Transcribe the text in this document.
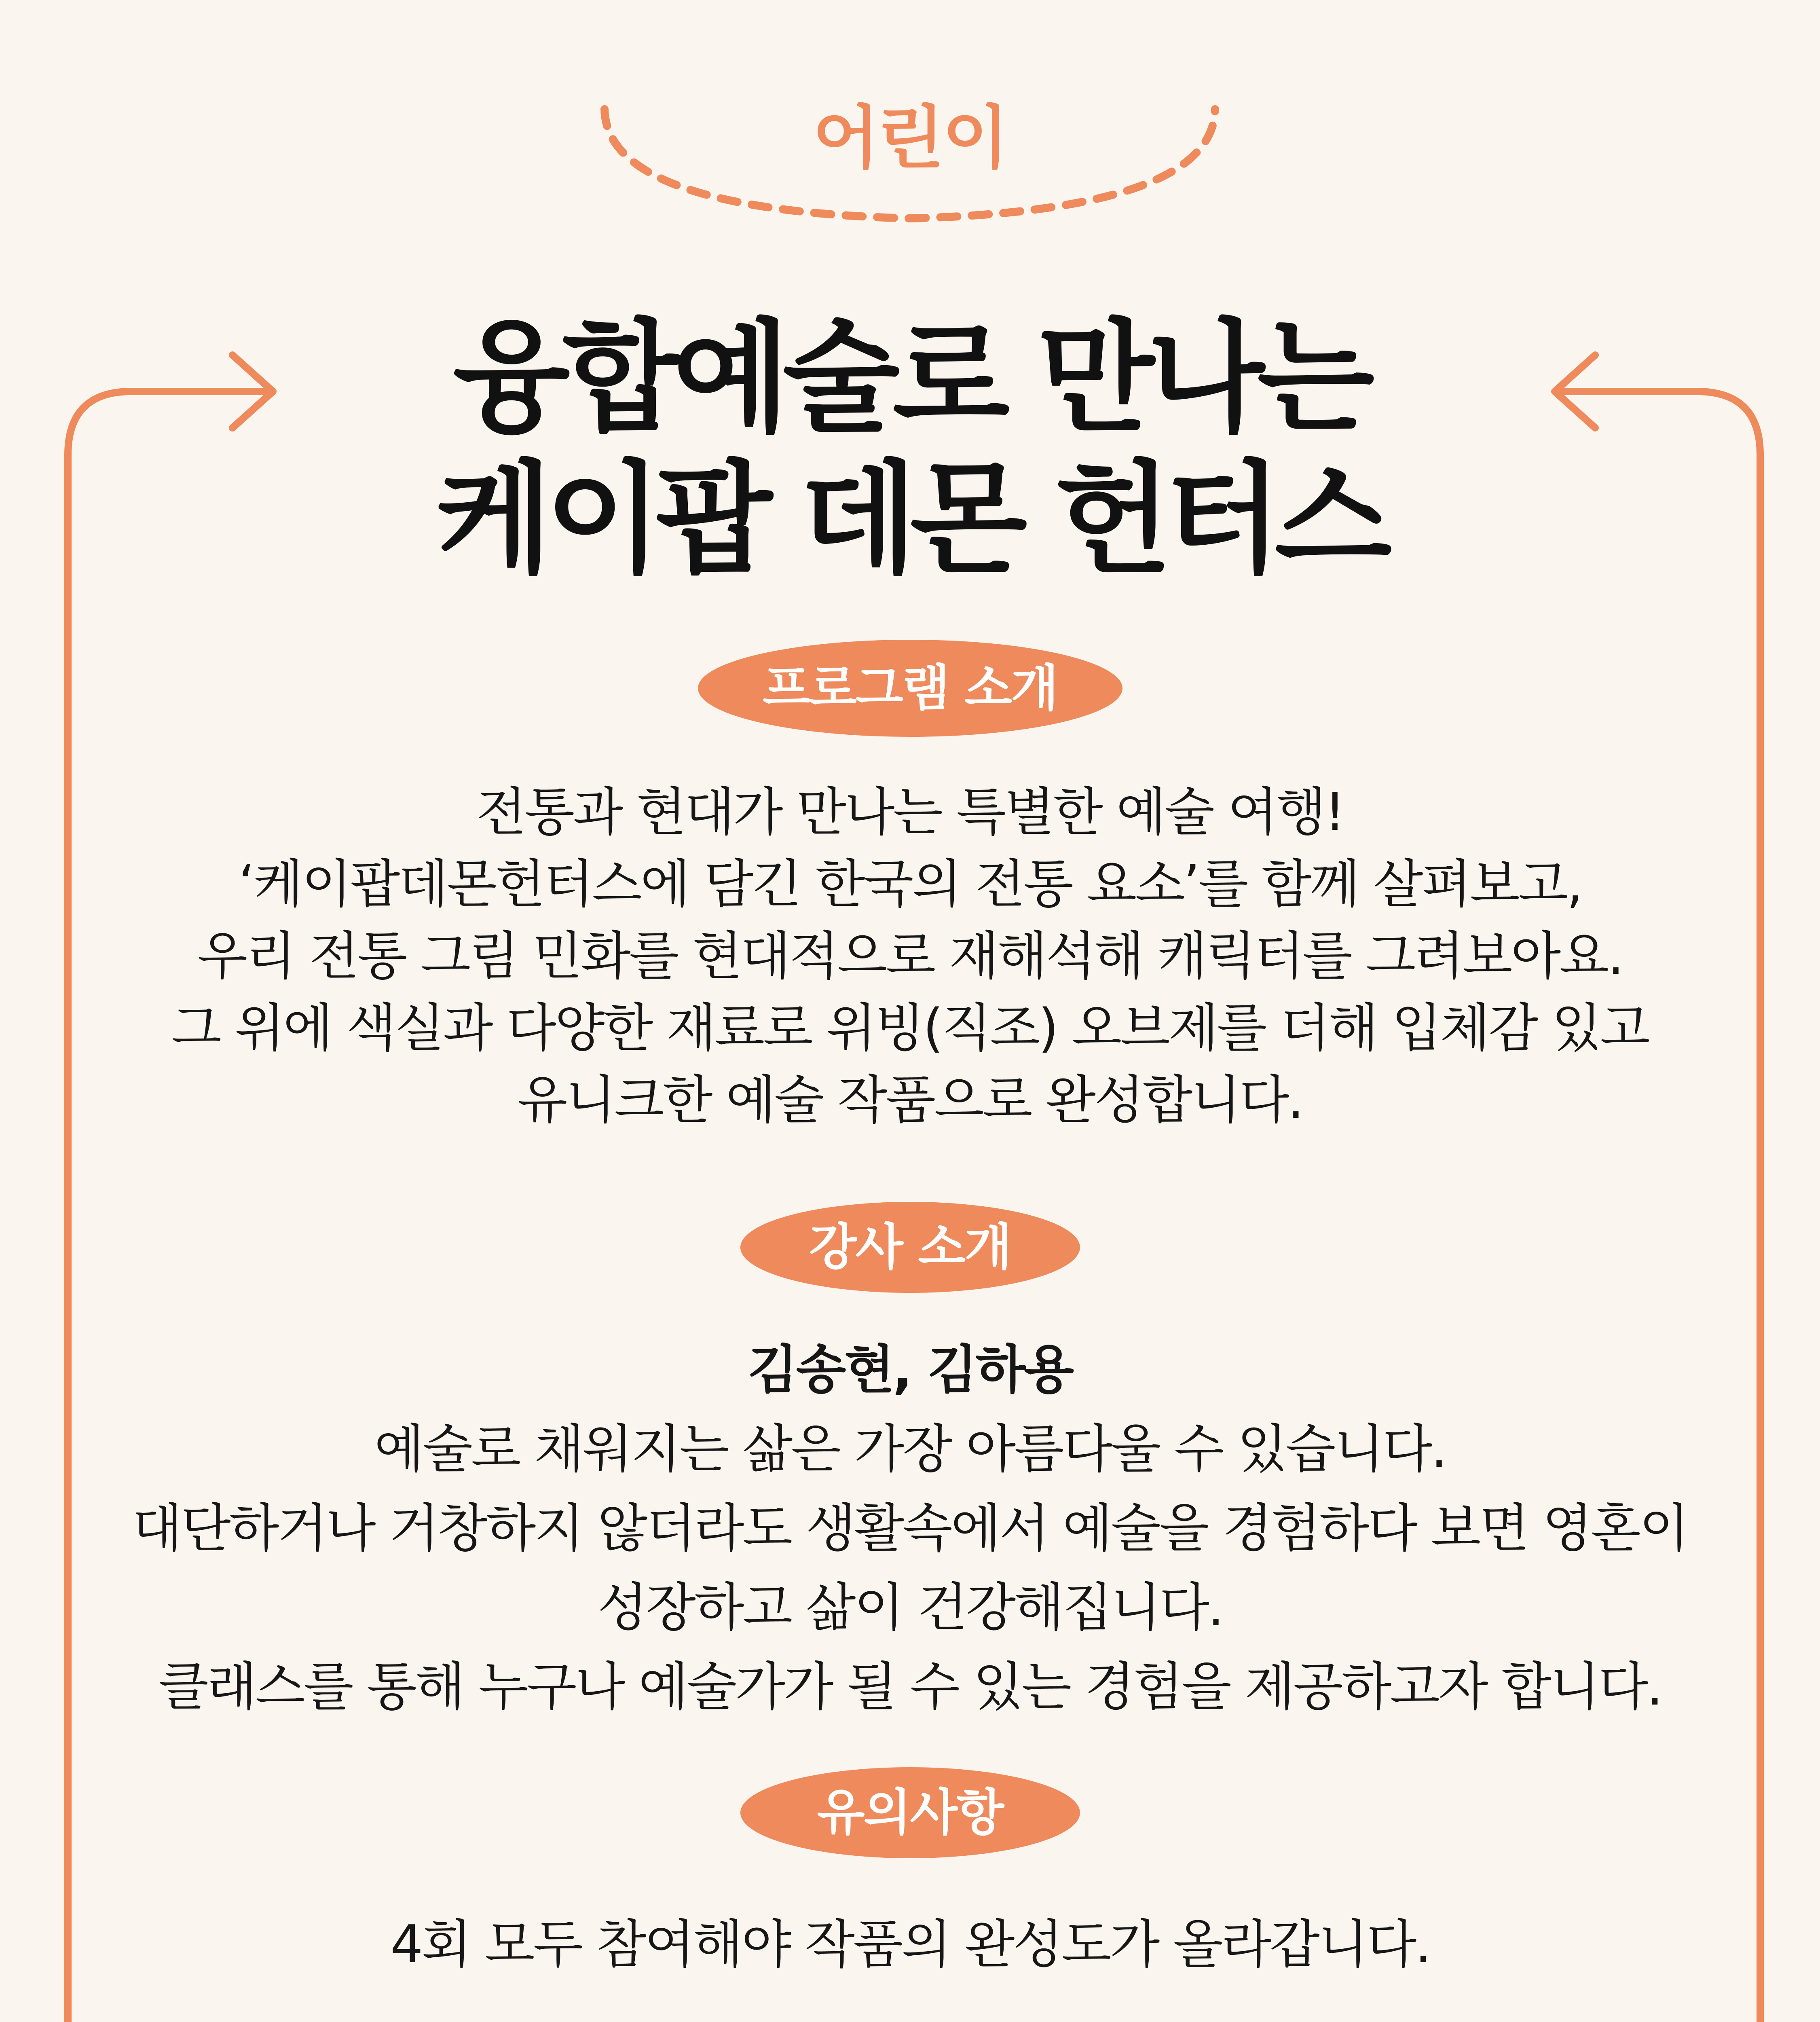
어린이
융합예술로 만나는
케이팝 데몬 헌터스
프로그램 소개
전통과 현대가 만나는 특별한 예술 여행!
‘케이팝데몬헌터스에 담긴 한국의 전통 요소’를 함께 살펴보고,
우리 전통 그림 민화를 현대적으로 재해석해 캐릭터를 그려보아요.
그 위에 색실과 다양한 재료로 위빙(직조) 오브제를 더해 입체감 있고
유니크한 예술 작품으로 완성합니다.
강사 소개
김송현, 김하용
예술로 채워지는 삶은 가장 아름다울 수 있습니다.
대단하거나 거창하지 않더라도 생활속에서 예술을 경험하다 보면 영혼이
성장하고 삶이 건강해집니다.
클래스를 통해 누구나 예술가가 될 수 있는 경험을 제공하고자 합니다.
유의사항
4회 모두 참여해야 작품의 완성도가 올라갑니다.
